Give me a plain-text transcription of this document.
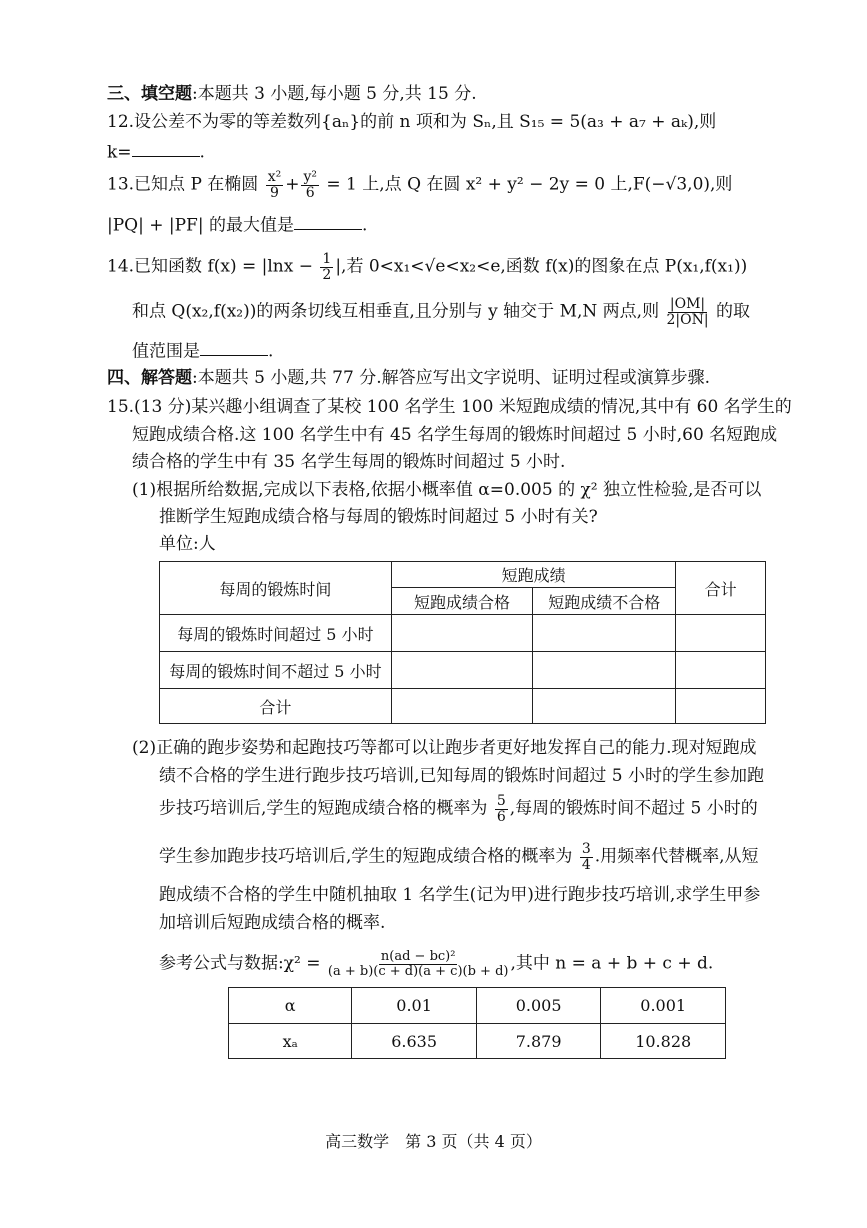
三、填空题:本题共 3 小题,每小题 5 分,共 15 分.
12.设公差不为零的等差数列{aₙ}的前 n 项和为 Sₙ,且 S₁₅ = 5(a₃ + a₇ + aₖ),则
k=	.
13.已知点 P 在椭圆 $\frac{\text{x²}}{9} + \frac{\text{y²}}{6} = 1$ 上,点 Q 在圆 x² + y² − 2y = 0 上,F(−√3,0),则
|PQ| + |PF| 的最大值是	.
14.已知函数 $f(x) = |\ln x - \frac{1}{2}$ |,若 0<x₁<√e<x₂<e,函数 f(x)的图象在点 P(x₁,f(x₁))
和点 Q(x₂,f(x₂))的两条切线互相垂直,且分别与 y 轴交于 M,N 两点,则 $\frac{|OM|}{2|ON|}$ 的取
值范围是	.
四、解答题:本题共 5 小题,共 77 分.解答应写出文字说明、证明过程或演算步骤.
15.(13 分)某兴趣小组调查了某校 100 名学生 100 米短跑成绩的情况,其中有 60 名学生的
短跑成绩合格.这 100 名学生中有 45 名学生每周的锻炼时间超过 5 小时,60 名短跑成
绩合格的学生中有 35 名学生每周的锻炼时间超过 5 小时.
(1)根据所给数据,完成以下表格,依据小概率值 α=0.005 的 χ² 独立性检验,是否可以
推断学生短跑成绩合格与每周的锻炼时间超过 5 小时有关?
单位:人
每周的锻炼时间	短跑成绩		合计
	短跑成绩合格	短跑成绩不合格	
每周的锻炼时间超过 5 小时			
每周的锻炼时间不超过 5 小时			
合计			
(2)正确的跑步姿势和起跑技巧等都可以让跑步者更好地发挥自己的能力.现对短跑成
绩不合格的学生进行跑步技巧培训,已知每周的锻炼时间超过 5 小时的学生参加跑
步技巧培训后,学生的短跑成绩合格的概率为 $\frac{5}{6}$ ,每周的锻炼时间不超过 5 小时的
学生参加跑步技巧培训后,学生的短跑成绩合格的概率为 $\frac{3}{4}$ .用频率代替概率,从短
跑成绩不合格的学生中随机抽取 1 名学生(记为甲)进行跑步技巧培训,求学生甲参
加培训后短跑成绩合格的概率.
参考公式与数据:χ² = $\frac{\text{n(ad − bc)²}}{(a + b)(c + d)(a + c)(b + d)}$ ,其中 n = a + b + c + d.
α	0.01	0.005	0.001
xₐ	6.635	7.879	10.828
高三数学　第 3 页（共 4 页）
